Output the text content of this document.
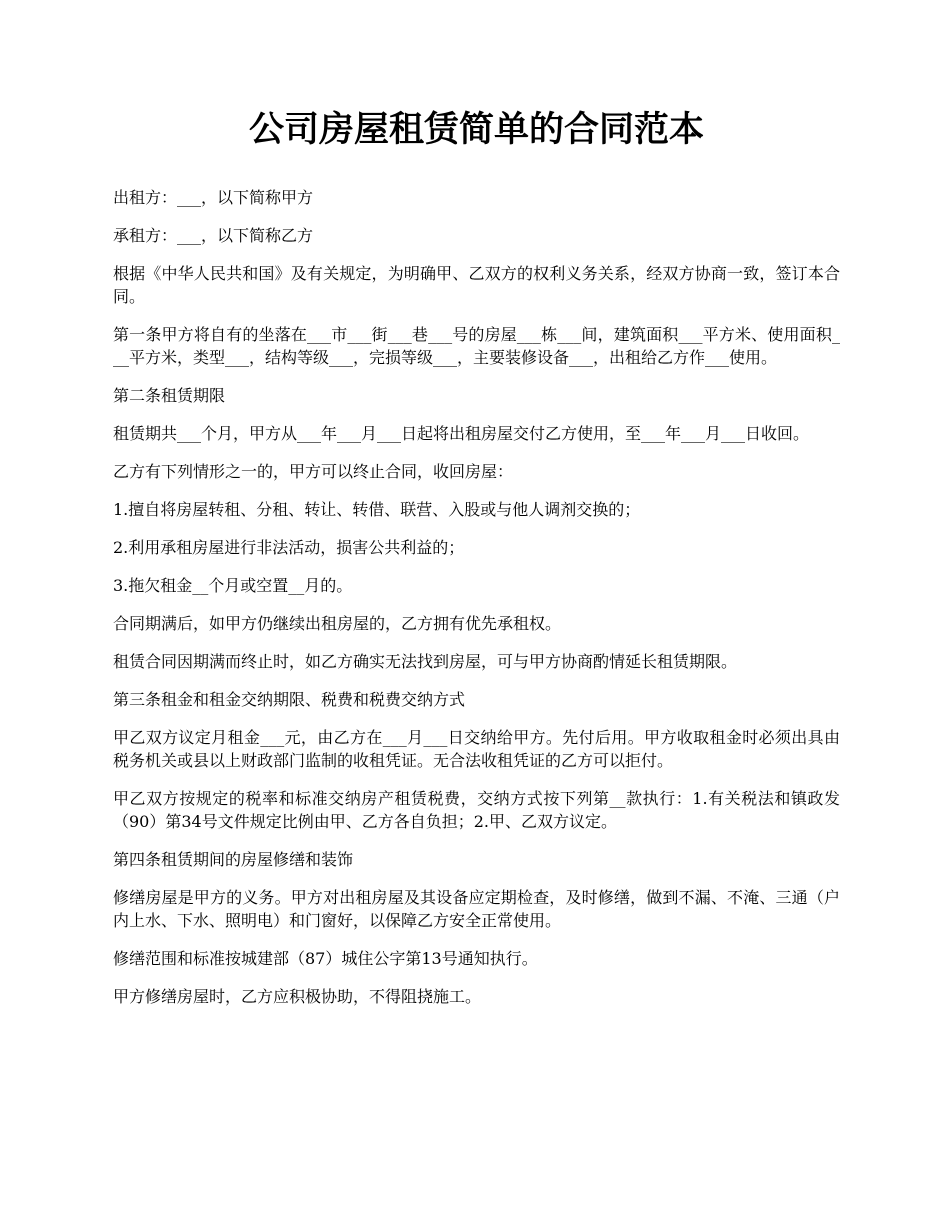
公司房屋租赁简单的合同范本

出租方：___，以下简称甲方

承租方：___，以下简称乙方

根据《中华人民共和国》及有关规定，为明确甲、乙双方的权利义务关系，经双方协商一致，签订本合同。

第一条甲方将自有的坐落在___市___街___巷___号的房屋___栋___间，建筑面积___平方米、使用面积___平方米，类型___，结构等级___，完损等级___，主要装修设备___，出租给乙方作___使用。

第二条租赁期限

租赁期共___个月，甲方从___年___月___日起将出租房屋交付乙方使用，至___年___月___日收回。

乙方有下列情形之一的，甲方可以终止合同，收回房屋：

1.擅自将房屋转租、分租、转让、转借、联营、入股或与他人调剂交换的；

2.利用承租房屋进行非法活动，损害公共利益的；

3.拖欠租金__个月或空置__月的。

合同期满后，如甲方仍继续出租房屋的，乙方拥有优先承租权。

租赁合同因期满而终止时，如乙方确实无法找到房屋，可与甲方协商酌情延长租赁期限。

第三条租金和租金交纳期限、税费和税费交纳方式

甲乙双方议定月租金___元，由乙方在___月___日交纳给甲方。先付后用。甲方收取租金时必须出具由税务机关或县以上财政部门监制的收租凭证。无合法收租凭证的乙方可以拒付。

甲乙双方按规定的税率和标准交纳房产租赁税费，交纳方式按下列第__款执行：1.有关税法和镇政发（90）第34号文件规定比例由甲、乙方各自负担；2.甲、乙双方议定。

第四条租赁期间的房屋修缮和装饰

修缮房屋是甲方的义务。甲方对出租房屋及其设备应定期检查，及时修缮，做到不漏、不淹、三通（户内上水、下水、照明电）和门窗好，以保障乙方安全正常使用。

修缮范围和标准按城建部（87）城住公字第13号通知执行。

甲方修缮房屋时，乙方应积极协助，不得阻挠施工。
